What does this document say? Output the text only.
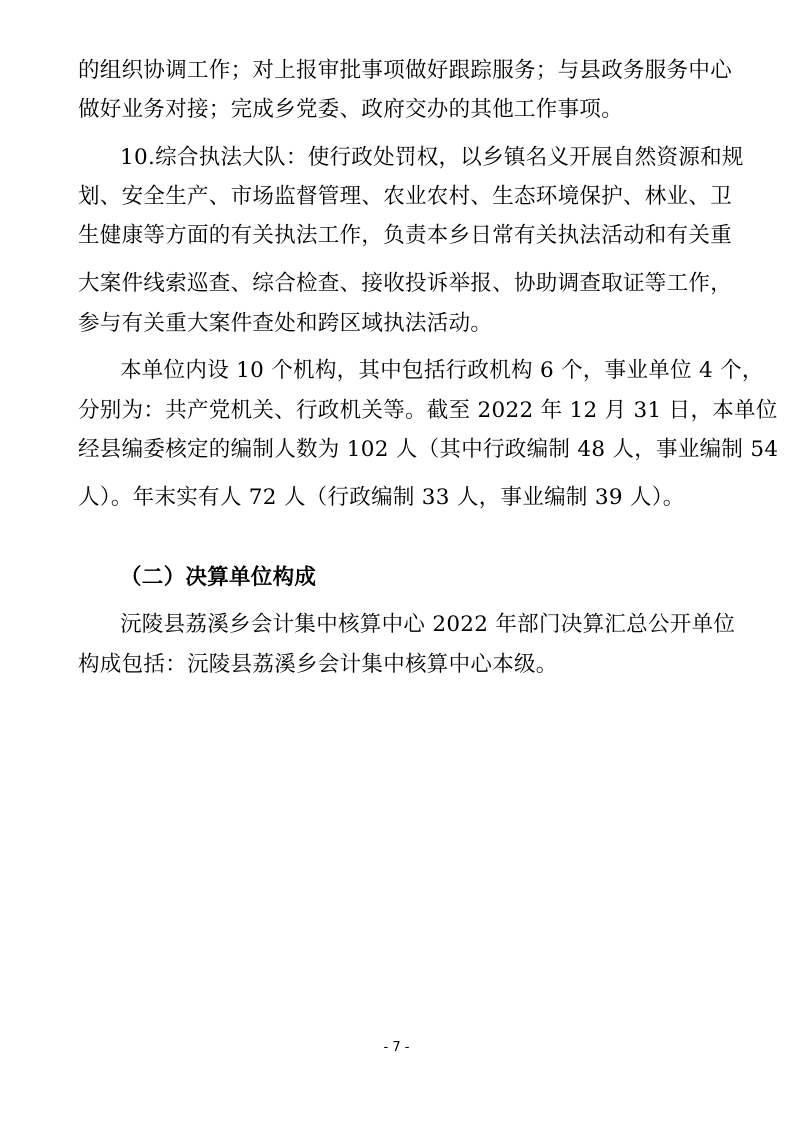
的组织协调工作；对上报审批事项做好跟踪服务；与县政务服务中心
做好业务对接；完成乡党委、政府交办的其他工作事项。
10.综合执法大队：使行政处罚权，以乡镇名义开展自然资源和规
划、安全生产、市场监督管理、农业农村、生态环境保护、林业、卫
生健康等方面的有关执法工作，负责本乡日常有关执法活动和有关重
大案件线索巡查、综合检查、接收投诉举报、协助调查取证等工作，
参与有关重大案件查处和跨区域执法活动。
本单位内设 10 个机构，其中包括行政机构 6 个，事业单位 4 个，
分别为：共产党机关、行政机关等。截至 2022 年 12 月 31 日，本单位
经县编委核定的编制人数为 102 人（其中行政编制 48 人，事业编制 54
人）。年末实有人 72 人（行政编制 33 人，事业编制 39 人）。
（二）决算单位构成
沅陵县荔溪乡会计集中核算中心 2022 年部门决算汇总公开单位
构成包括：沅陵县荔溪乡会计集中核算中心本级。
- 7 -
